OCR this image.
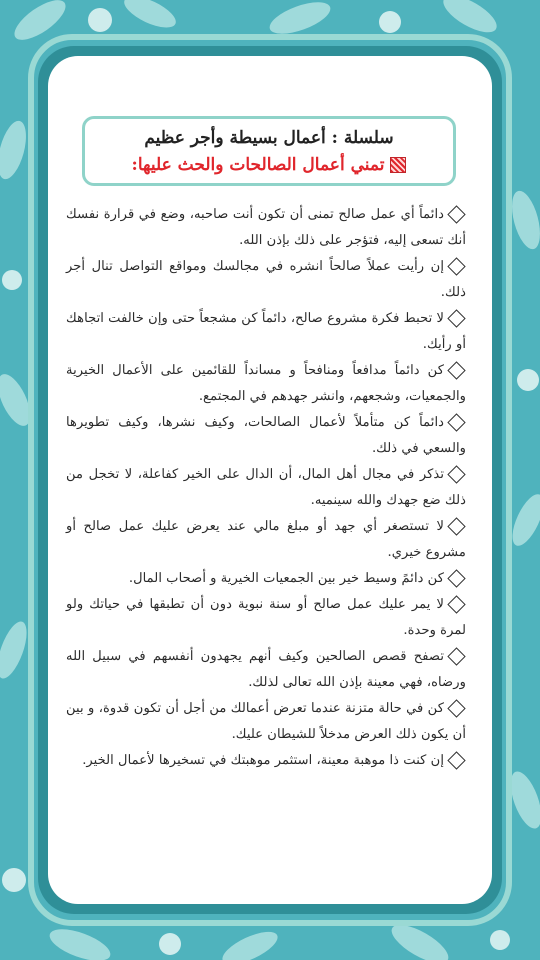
سلسلة : أعمال بسيطة وأجر عظيم
تمني أعمال الصالحات والحث عليها:

دائماً أي عمل صالح تمنى أن تكون أنت صاحبه، وضع في قرارة نفسك أنك تسعى إليه، فتؤجر على ذلك بإذن الله.

إن رأيت عملاً صالحاً انشره في مجالسك ومواقع التواصل تنال أجر ذلك.

لا تحبط فكرة مشروع صالح، دائماً كن مشجعاً حتى وإن خالفت اتجاهك أو رأيك.

كن دائماً مدافعاً ومنافحاً و مسانداً للقائمين على الأعمال الخيرية والجمعيات، وشجعهم، وانشر جهدهم في المجتمع.

دائماً كن متأملاً لأعمال الصالحات، وكيف نشرها، وكيف تطويرها والسعي في ذلك.

تذكر في مجال أهل المال، أن الدال على الخير كفاعلة، لا تخجل من ذلك ضع جهدك والله سينميه.

لا تستصغر أي جهد أو مبلغ مالي عند يعرض عليك عمل صالح أو مشروع خيري.

كن دائمً وسيط خير بين الجمعيات الخيرية و أصحاب المال.

لا يمر عليك عمل صالح أو سنة نبوية دون أن تطبقها في حياتك ولو لمرة وحدة.

تصفح قصص الصالحين وكيف أنهم يجهدون أنفسهم في سبيل الله ورضاه، فهي معينة بإذن الله تعالى لذلك.

كن في حالة متزنة عندما تعرض أعمالك من أجل أن تكون قدوة، و بين أن يكون ذلك العرض مدخلاً للشيطان عليك.

إن كنت ذا موهبة معينة، استثمر موهبتك في تسخيرها لأعمال الخير.
